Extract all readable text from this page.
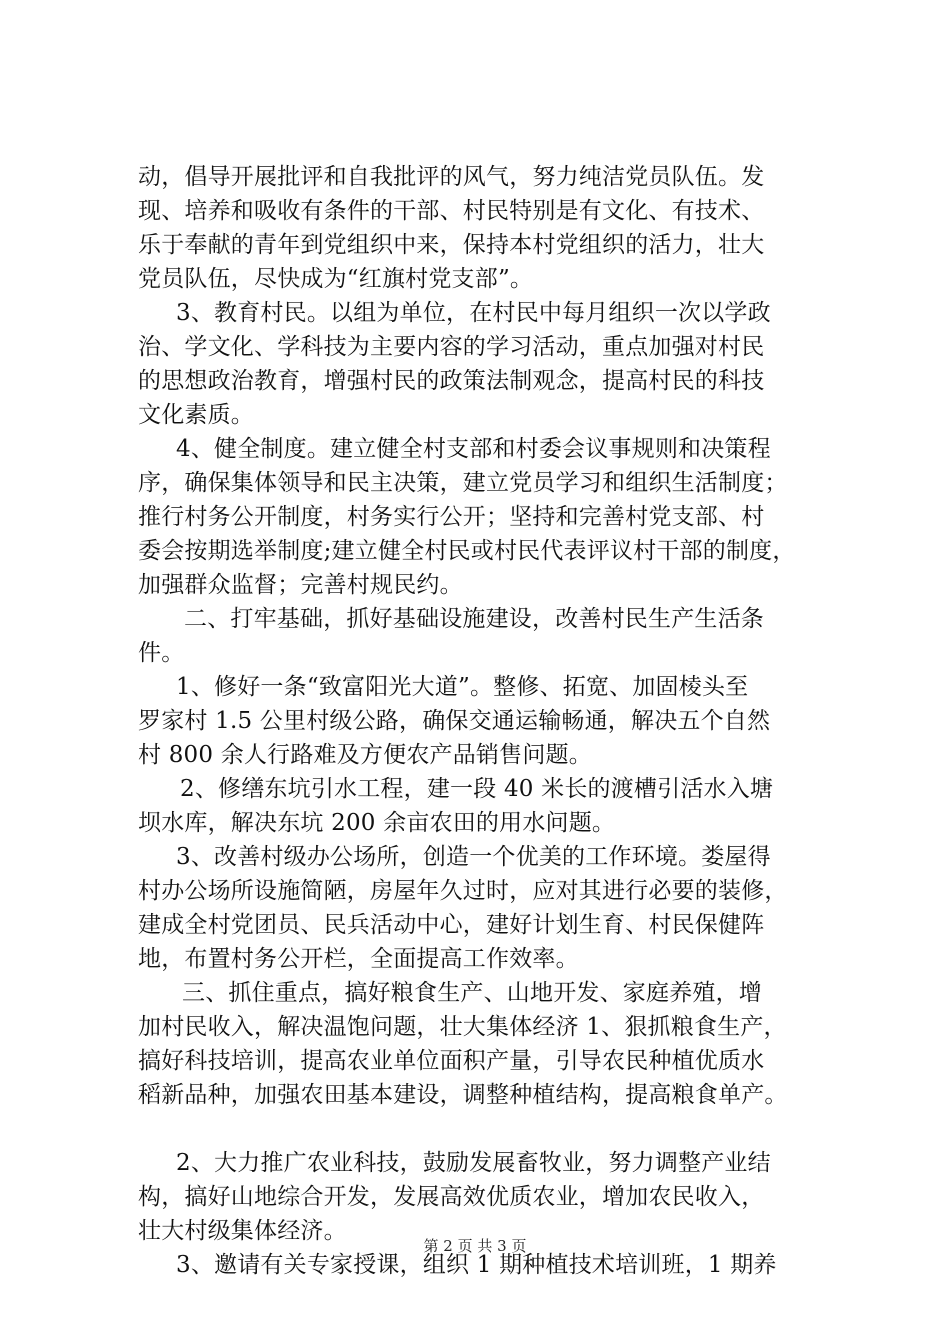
动，倡导开展批评和自我批评的风气，努力纯洁党员队伍。发
现、培养和吸收有条件的干部、村民特别是有文化、有技术、
乐于奉献的青年到党组织中来，保持本村党组织的活力，壮大
党员队伍，尽快成为“红旗村党支部”。
3、教育村民。以组为单位，在村民中每月组织一次以学政
治、学文化、学科技为主要内容的学习活动，重点加强对村民
的思想政治教育，增强村民的政策法制观念，提高村民的科技
文化素质。
4、健全制度。建立健全村支部和村委会议事规则和决策程
序，确保集体领导和民主决策，建立党员学习和组织生活制度；
推行村务公开制度，村务实行公开；坚持和完善村党支部、村
委会按期选举制度;建立健全村民或村民代表评议村干部的制度，
加强群众监督；完善村规民约。
二、打牢基础，抓好基础设施建设，改善村民生产生活条
件。
1、修好一条“致富阳光大道”。整修、拓宽、加固棱头至
罗家村 1.5 公里村级公路，确保交通运输畅通，解决五个自然
村 800 余人行路难及方便农产品销售问题。
2、修缮东坑引水工程，建一段 40 米长的渡槽引活水入塘
坝水库，解决东坑 200 余亩农田的用水问题。
3、改善村级办公场所，创造一个优美的工作环境。娄屋得
村办公场所设施简陋，房屋年久过时，应对其进行必要的装修，
建成全村党团员、民兵活动中心，建好计划生育、村民保健阵
地，布置村务公开栏，全面提高工作效率。
三、抓住重点，搞好粮食生产、山地开发、家庭养殖，增
加村民收入，解决温饱问题，壮大集体经济 1、狠抓粮食生产，
搞好科技培训，提高农业单位面积产量，引导农民种植优质水
稻新品种，加强农田基本建设，调整种植结构，提高粮食单产。
2、大力推广农业科技，鼓励发展畜牧业，努力调整产业结
构，搞好山地综合开发，发展高效优质农业，增加农民收入，
壮大村级集体经济。
3、邀请有关专家授课，组织 1 期种植技术培训班，1 期养
第 2 页 共 3 页
